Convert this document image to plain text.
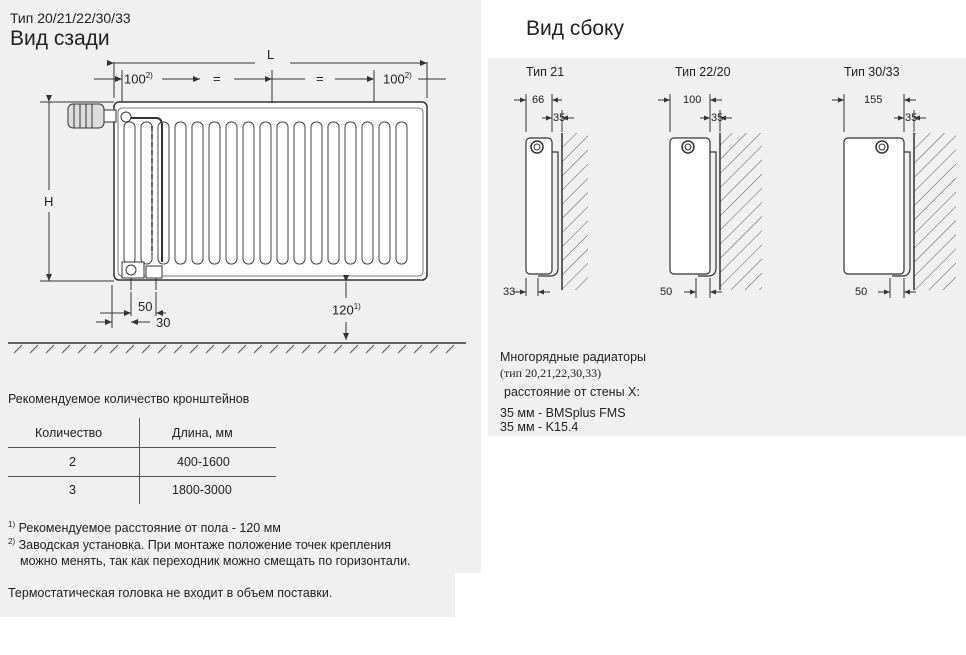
Тип 20/21/22/30/33
Вид сзади	Вид сбоку
L
$100^{2)}$	=	=	$100^{2)}$
H
50
30
120$^{1)}$
Тип 21	Тип 22/20	Тип 30/33
66
35
33
100
35
50
155
35
50
Многорядные радиаторы
(тип 20,21,22,30,33)
расстояние от стены Х:
35 мм - BMSplus FMS
35 мм - K15.4
Рекомендуемое количество кронштейнов
Количество	Длина, мм
2	400-1600
3	1800-3000
$^{1)}$ Рекомендуемое расстояние от пола - 120 мм
$^{2)}$ Заводская установка. При монтаже положение точек крепления
можно менять, так как переходник можно смещать по горизонтали.
Термостатическая головка не входит в объем поставки.
